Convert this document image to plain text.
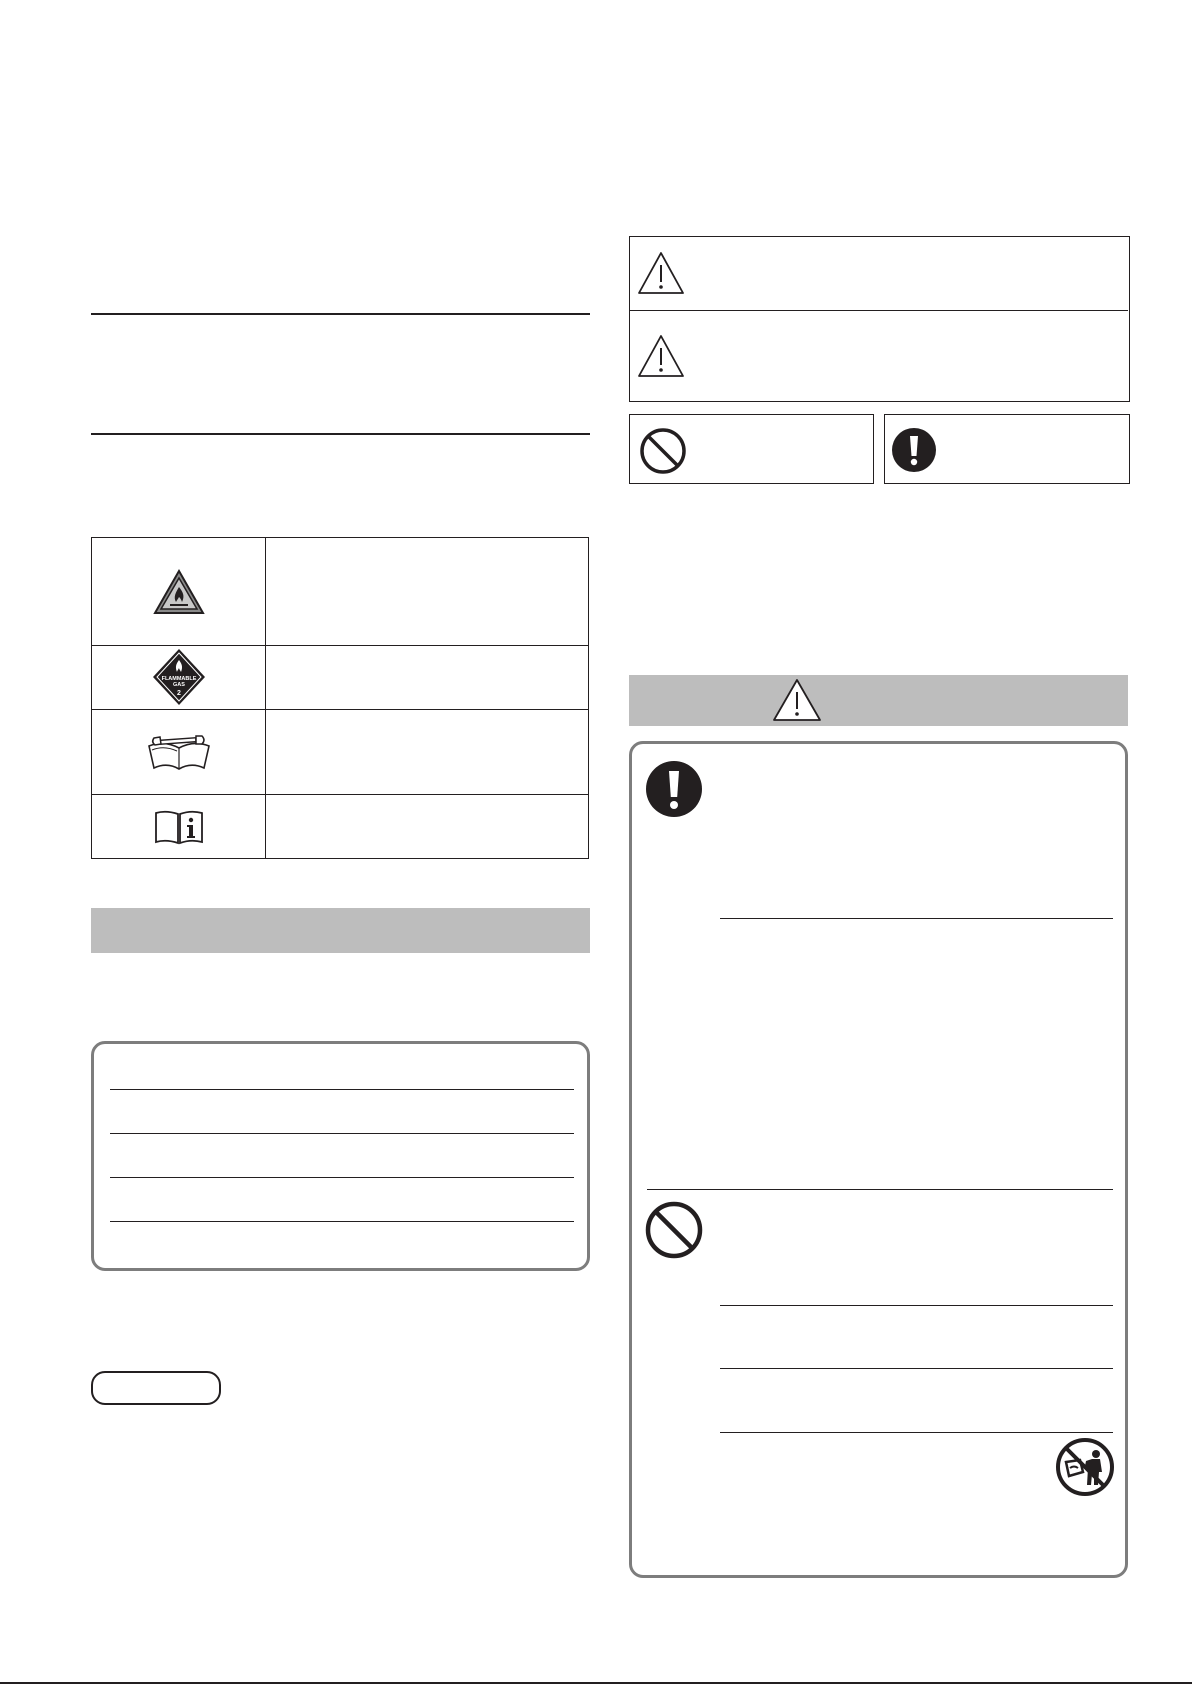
FLAMMABLE
GAS
2
